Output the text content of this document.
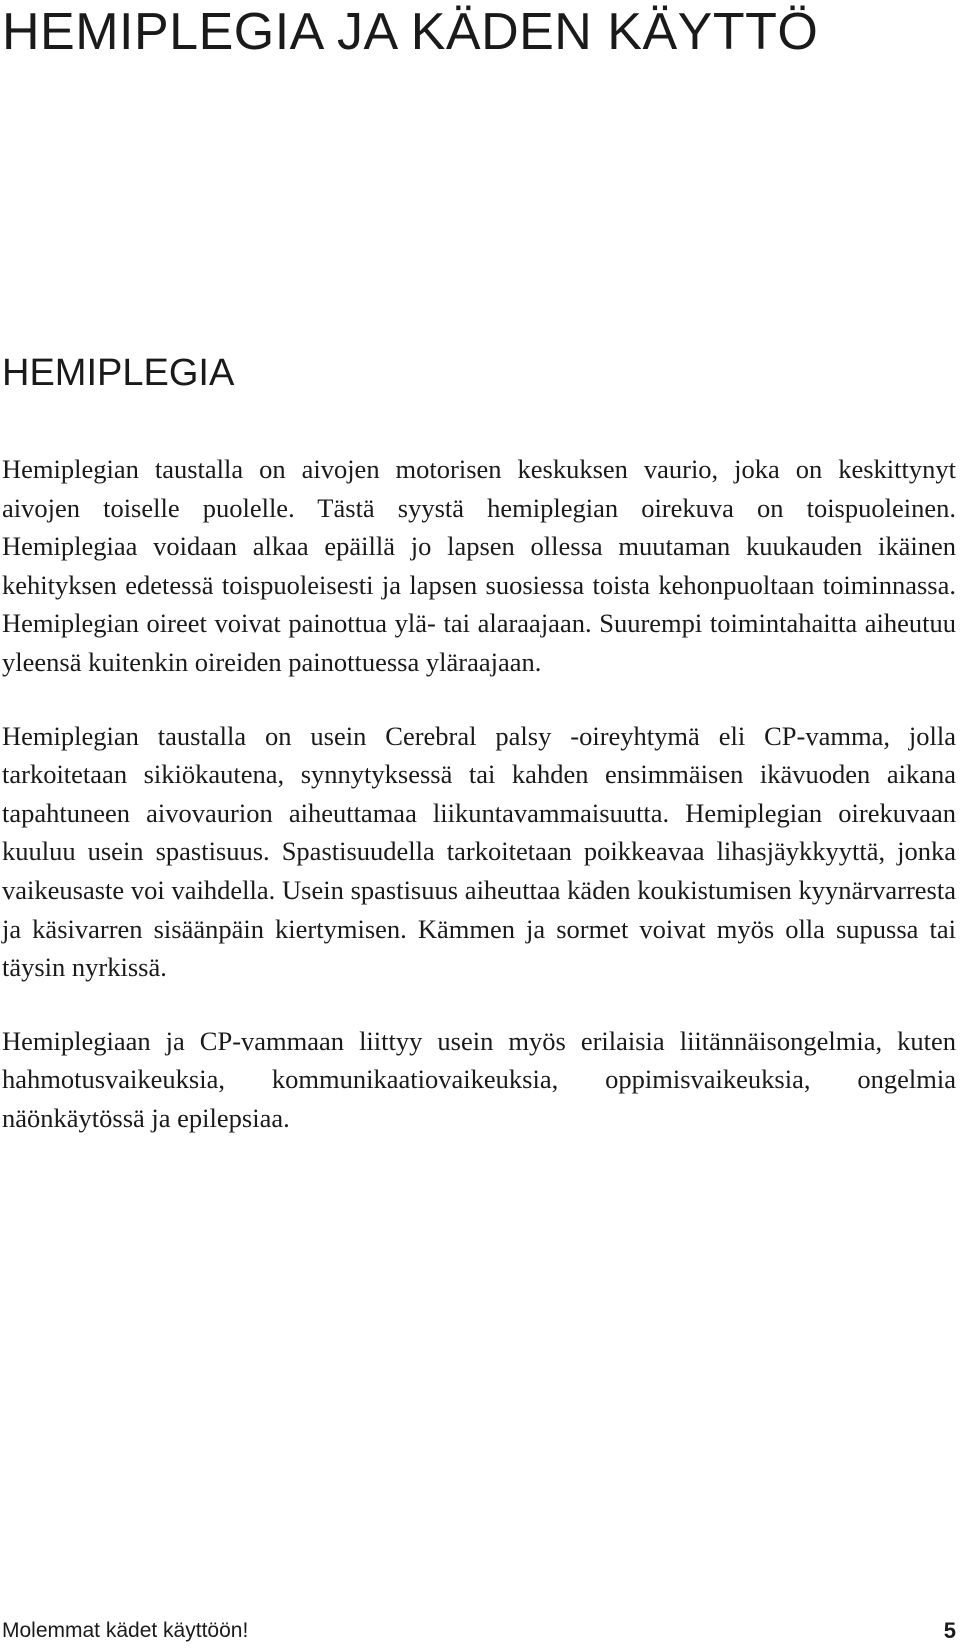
HEMIPLEGIA JA KÄDEN KÄYTTÖ
HEMIPLEGIA

Hemiplegian taustalla on aivojen motorisen keskuksen vaurio, joka on keskittynyt aivojen toiselle puolelle. Tästä syystä hemiplegian oirekuva on toispuoleinen. Hemiplegiaa voidaan alkaa epäillä jo lapsen ollessa muutaman kuukauden ikäinen kehityksen edetessä toispuoleisesti ja lapsen suosiessa toista kehonpuoltaan toiminnassa. Hemiplegian oireet voivat painottua ylä- tai alaraajaan. Suurempi toimintahaitta aiheutuu yleensä kuitenkin oireiden painottuessa yläraajaan.

Hemiplegian taustalla on usein Cerebral palsy -oireyhtymä eli CP-vamma, jolla tarkoitetaan sikiökautena, synnytyksessä tai kahden ensimmäisen ikävuoden aikana tapahtuneen aivovaurion aiheuttamaa liikuntavammaisuutta. Hemiplegian oirekuvaan kuuluu usein spastisuus. Spastisuudella tarkoitetaan poikkeavaa lihasjäykkyyttä, jonka vaikeusaste voi vaihdella. Usein spastisuus aiheuttaa käden koukistumisen kyynärvarresta ja käsivarren sisäänpäin kiertymisen. Kämmen ja sormet voivat myös olla supussa tai täysin nyrkissä.

Hemiplegiaan ja CP-vammaan liittyy usein myös erilaisia liitännäisongelmia, kuten hahmotusvaikeuksia, kommunikaatiovaikeuksia, oppimisvaikeuksia, ongelmia näönkäytössä ja epilepsiaa.

Molemmat kädet käyttöön!	5
